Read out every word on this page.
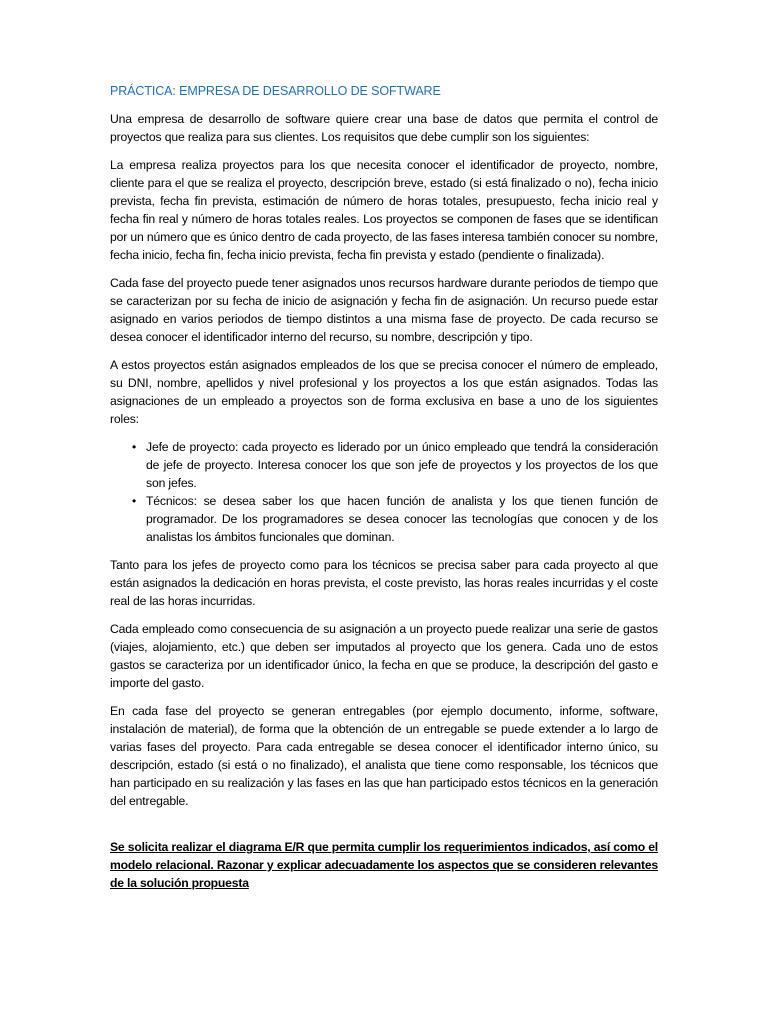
PRÁCTICA: EMPRESA DE DESARROLLO DE SOFTWARE

Una empresa de desarrollo de software quiere crear una base de datos que permita el control de proyectos que realiza para sus clientes. Los requisitos que debe cumplir son los siguientes:

La empresa realiza proyectos para los que necesita conocer el identificador de proyecto, nombre, cliente para el que se realiza el proyecto, descripción breve, estado (si está finalizado o no), fecha inicio prevista, fecha fin prevista, estimación de número de horas totales, presupuesto, fecha inicio real y fecha fin real y número de horas totales reales. Los proyectos se componen de fases que se identifican por un número que es único dentro de cada proyecto, de las fases interesa también conocer su nombre, fecha inicio, fecha fin, fecha inicio prevista, fecha fin prevista y estado (pendiente o finalizada).

Cada fase del proyecto puede tener asignados unos recursos hardware durante periodos de tiempo que se caracterizan por su fecha de inicio de asignación y fecha fin de asignación. Un recurso puede estar asignado en varios periodos de tiempo distintos a una misma fase de proyecto. De cada recurso se desea conocer el identificador interno del recurso, su nombre, descripción y tipo.

A estos proyectos están asignados empleados de los que se precisa conocer el número de empleado, su DNI, nombre, apellidos y nivel profesional y los proyectos a los que están asignados. Todas las asignaciones de un empleado a proyectos son de forma exclusiva en base a uno de los siguientes roles:

• Jefe de proyecto: cada proyecto es liderado por un único empleado que tendrá la consideración de jefe de proyecto. Interesa conocer los que son jefe de proyectos y los proyectos de los que son jefes.
• Técnicos: se desea saber los que hacen función de analista y los que tienen función de programador. De los programadores se desea conocer las tecnologías que conocen y de los analistas los ámbitos funcionales que dominan.

Tanto para los jefes de proyecto como para los técnicos se precisa saber para cada proyecto al que están asignados la dedicación en horas prevista, el coste previsto, las horas reales incurridas y el coste real de las horas incurridas.

Cada empleado como consecuencia de su asignación a un proyecto puede realizar una serie de gastos (viajes, alojamiento, etc.) que deben ser imputados al proyecto que los genera. Cada uno de estos gastos se caracteriza por un identificador único, la fecha en que se produce, la descripción del gasto e importe del gasto.

En cada fase del proyecto se generan entregables (por ejemplo documento, informe, software, instalación de material), de forma que la obtención de un entregable se puede extender a lo largo de varias fases del proyecto. Para cada entregable se desea conocer el identificador interno único, su descripción, estado (si está o no finalizado), el analista que tiene como responsable, los técnicos que han participado en su realización y las fases en las que han participado estos técnicos en la generación del entregable.

Se solicita realizar el diagrama E/R que permita cumplir los requerimientos indicados, así como el modelo relacional. Razonar y explicar adecuadamente los aspectos que se consideren relevantes de la solución propuesta
